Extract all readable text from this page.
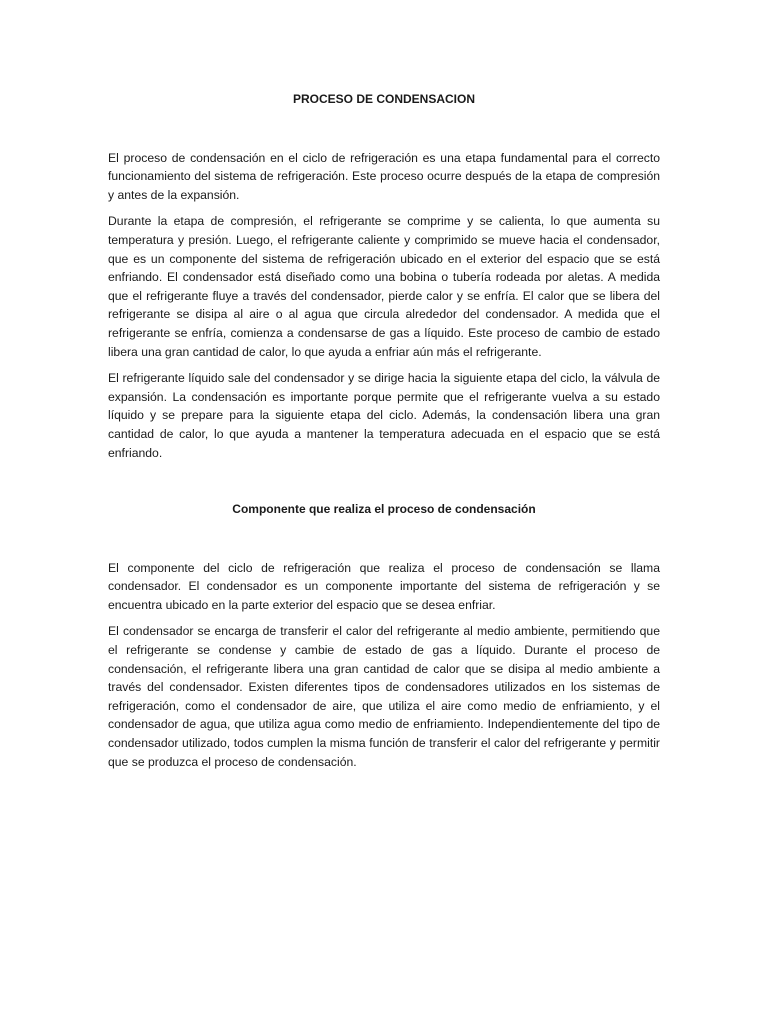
PROCESO DE CONDENSACION

El proceso de condensación en el ciclo de refrigeración es una etapa fundamental para el correcto funcionamiento del sistema de refrigeración. Este proceso ocurre después de la etapa de compresión y antes de la expansión.

Durante la etapa de compresión, el refrigerante se comprime y se calienta, lo que aumenta su temperatura y presión. Luego, el refrigerante caliente y comprimido se mueve hacia el condensador, que es un componente del sistema de refrigeración ubicado en el exterior del espacio que se está enfriando. El condensador está diseñado como una bobina o tubería rodeada por aletas. A medida que el refrigerante fluye a través del condensador, pierde calor y se enfría. El calor que se libera del refrigerante se disipa al aire o al agua que circula alrededor del condensador. A medida que el refrigerante se enfría, comienza a condensarse de gas a líquido. Este proceso de cambio de estado libera una gran cantidad de calor, lo que ayuda a enfriar aún más el refrigerante.

El refrigerante líquido sale del condensador y se dirige hacia la siguiente etapa del ciclo, la válvula de expansión. La condensación es importante porque permite que el refrigerante vuelva a su estado líquido y se prepare para la siguiente etapa del ciclo. Además, la condensación libera una gran cantidad de calor, lo que ayuda a mantener la temperatura adecuada en el espacio que se está enfriando.

Componente que realiza el proceso de condensación

El componente del ciclo de refrigeración que realiza el proceso de condensación se llama condensador. El condensador es un componente importante del sistema de refrigeración y se encuentra ubicado en la parte exterior del espacio que se desea enfriar.

El condensador se encarga de transferir el calor del refrigerante al medio ambiente, permitiendo que el refrigerante se condense y cambie de estado de gas a líquido. Durante el proceso de condensación, el refrigerante libera una gran cantidad de calor que se disipa al medio ambiente a través del condensador. Existen diferentes tipos de condensadores utilizados en los sistemas de refrigeración, como el condensador de aire, que utiliza el aire como medio de enfriamiento, y el condensador de agua, que utiliza agua como medio de enfriamiento. Independientemente del tipo de condensador utilizado, todos cumplen la misma función de transferir el calor del refrigerante y permitir que se produzca el proceso de condensación.
